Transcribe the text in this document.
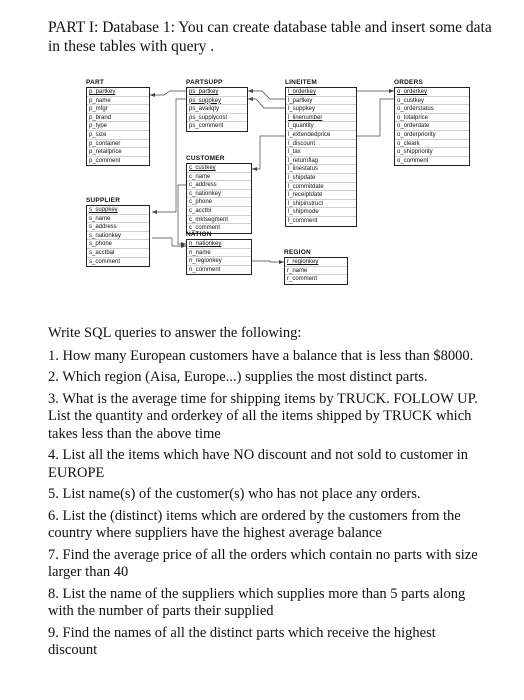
PART I: Database 1: You can create database table and insert some data in these tables with query .
PART
p_partkey
p_name
p_mfgr
p_brand
p_type
p_size
p_container
p_retailprice
p_comment
SUPPLIER
s_suppkey
s_name
s_address
s_nationkey
s_phone
s_acctbal
s_comment
PARTSUPP
ps_partkey
ps_suppkey
ps_availqty
ps_supplycost
ps_comment
CUSTOMER
c_custkey
c_name
c_address
c_nationkey
c_phone
c_acctbl
c_mktsegment
c_comment
NATION
n_nationkey
n_name
n_regionkey
n_comment
LINEITEM
l_orderkey
l_partkey
l_suppkey
l_linenumber
l_quantity
l_extendedprice
l_discount
l_tax
l_returnflag
l_linestatus
l_shipdate
l_commitdate
l_receiptdate
l_shipinstruct
l_shipmode
l_comment
REGION
r_regionkey
r_name
r_comment
ORDERS
o_orderkey
o_custkey
o_orderstatus
o_totalprice
o_orderdate
o_orderpriority
o_cleark
o_shippriority
o_comment
Write SQL queries to answer the following:
1. How many European customers have a balance that is less than $8000.
2. Which region (Aisa, Europe...) supplies the most distinct parts.
3. What is the average time for shipping items by TRUCK. FOLLOW UP. List the quantity and orderkey of all the items shipped by TRUCK which takes less than the above time
4. List all the items which have NO discount and not sold to customer in EUROPE
5. List name(s) of the customer(s) who has not place any orders.
6. List the (distinct) items which are ordered by the customers from the country where suppliers have the highest average balance
7. Find the average price of all the orders which contain no parts with size larger than 40
8. List the name of the suppliers which supplies more than 5 parts along with the number of parts their supplied
9. Find the names of all the distinct parts which receive the highest discount
